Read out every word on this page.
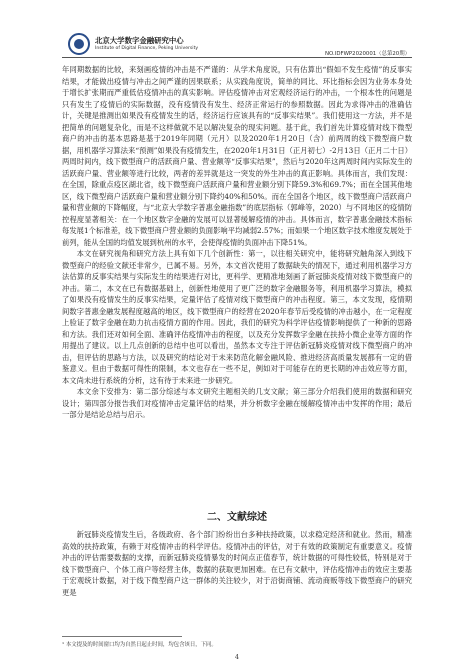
北京大学数字金融研究中心
Institute of Digital Finance, Peking University
NO.IDFWP2020001（总第20期）

年同期数据的比较，来刻画疫情的冲击是不严谨的：从学术角度说，只有估算出“假如不发生疫情”的反事实结果，才能做出疫情与冲击之间严谨的因果联系；从实践角度说，简单的同比、环比指标会因为业务本身处于增长扩张期而严重低估疫情冲击的真实影响。评估疫情冲击对宏观经济运行的冲击，一个根本性的问题是只有发生了疫情后的实际数据，没有疫情没有发生、经济正常运行的参照数据。因此为求得冲击的准确估计，关键是推测出如果没有疫情发生的话，经济运行应该具有的“反事实结果”。我们使用这一方法，并不是把简单的问题复杂化，而是不这样做就不足以解决复杂的现实问题。基于此，我们首先计算疫情对线下微型商户的冲击的基本思路是基于2019年同期（元月）以及2020年1月20日（含）前两周的线下微型商户数据，用机器学习算法来“预测”如果没有疫情发生，在2020年1月31日（正月初七）-2月13日（正月二十日）两周时间内，线下微型商户的活跃商户量、营业额等“反事实结果”，然后与2020年这两周时间内实际发生的活跃商户量、营业额等进行比较，两者的差异就是这一突发的外生冲击的真正影响。具体而言，我们发现：在全国，除重点疫区湖北省，线下微型商户活跃商户量和营业额分别下降59.3%和69.7%；而在全国其他地区，线下微型商户活跃商户量和营业额分别下降约40%和50%。而在全国各个地区，线下微型商户活跃商户量和营业额的下降幅度，与“北京大学数字普惠金融指数”的底层指标（郭峰等，2020）与不同地区的疫情防控程度显著相关：在一个地区数字金融的发展可以显著缓解疫情的冲击。具体而言，数字普惠金融技术指标每发展1个标准差，线下微型商户营业额的负面影响平均减弱2.57%；而如果一个地区数字技术维度发展处于前列，能从全国的均值发展到杭州的水平，会使得疫情的负面冲击下降51%。

本文在研究视角和研究方法上具有如下几个创新性：第一，以往相关研究中，能将研究触角深入到线下微型商户的经验文献还非常少，已属不易。另外，本文首次使用了数据缺失的情况下，通过利用机器学习方法估算的反事实结果与实际发生的结果进行对比，更科学、更精准地刻画了新冠肺炎疫情对线下微型商户的冲击。第二，本文在已有数据基础上，创新性地使用了更广泛的数字金融服务等，利用机器学习算法，模拟了如果没有疫情发生的反事实结果，定量评估了疫情对线下微型商户的冲击程度。第三，本文发现，疫情期间数字普惠金融发展程度越高的地区，线下微型商户的经营在2020年春节后受疫情的冲击越小，在一定程度上验证了数字金融在助力抗击疫情方面的作用。因此，我们的研究为科学评估疫情影响提供了一种新的思路和方法。我们还对如何全面、准确评估疫情冲击的程度，以及充分发挥数字金融在扶持小微企业等方面的作用提出了建议。以上几点创新的总结中也可以看出，虽然本文专注于评估新冠肺炎疫情对线下微型商户的冲击，但评估的思路与方法，以及研究的结论对于未来防范化解金融风险、推进经济高质量发展都有一定的借鉴意义。但由于数据可得性的限制，本文也存在一些不足，例如对于可能存在的更长期的冲击效应等方面，本文尚未进行系统的分析，这有待于未来进一步研究。

本文余下安排为：第二部分综述与本文研究主题相关的几支文献；第三部分介绍我们使用的数据和研究设计；第四部分报告我们对疫情冲击定量评估的结果，并分析数字金融在缓解疫情冲击中发挥的作用；最后一部分是结论总结与启示。

二、文献综述

新冠肺炎疫情发生后，各级政府、各个部门纷纷出台多种扶持政策，以求稳定经济和就业。然而，精准高效的扶持政策，有赖于对疫情冲击的科学评估。疫情冲击的评估，对于有效的政策制定有重要意义。疫情冲击的评估需要数据的支撑，而新冠肺炎疫情暴发的时间点正值春节，统计数据的可得性较低，特别是对于线下微型商户、个体工商户等经营主体，数据的获取更加困难。在已有文献中，评估疫情冲击的效应主要基于宏观统计数据，对于线下微型商户这一群体的关注较少，对于沿街商铺、流动商贩等线下微型商户的研究更是

¹ 本文提及的时间窗口均为自然日起止时间，均包含该日，下同。
4
